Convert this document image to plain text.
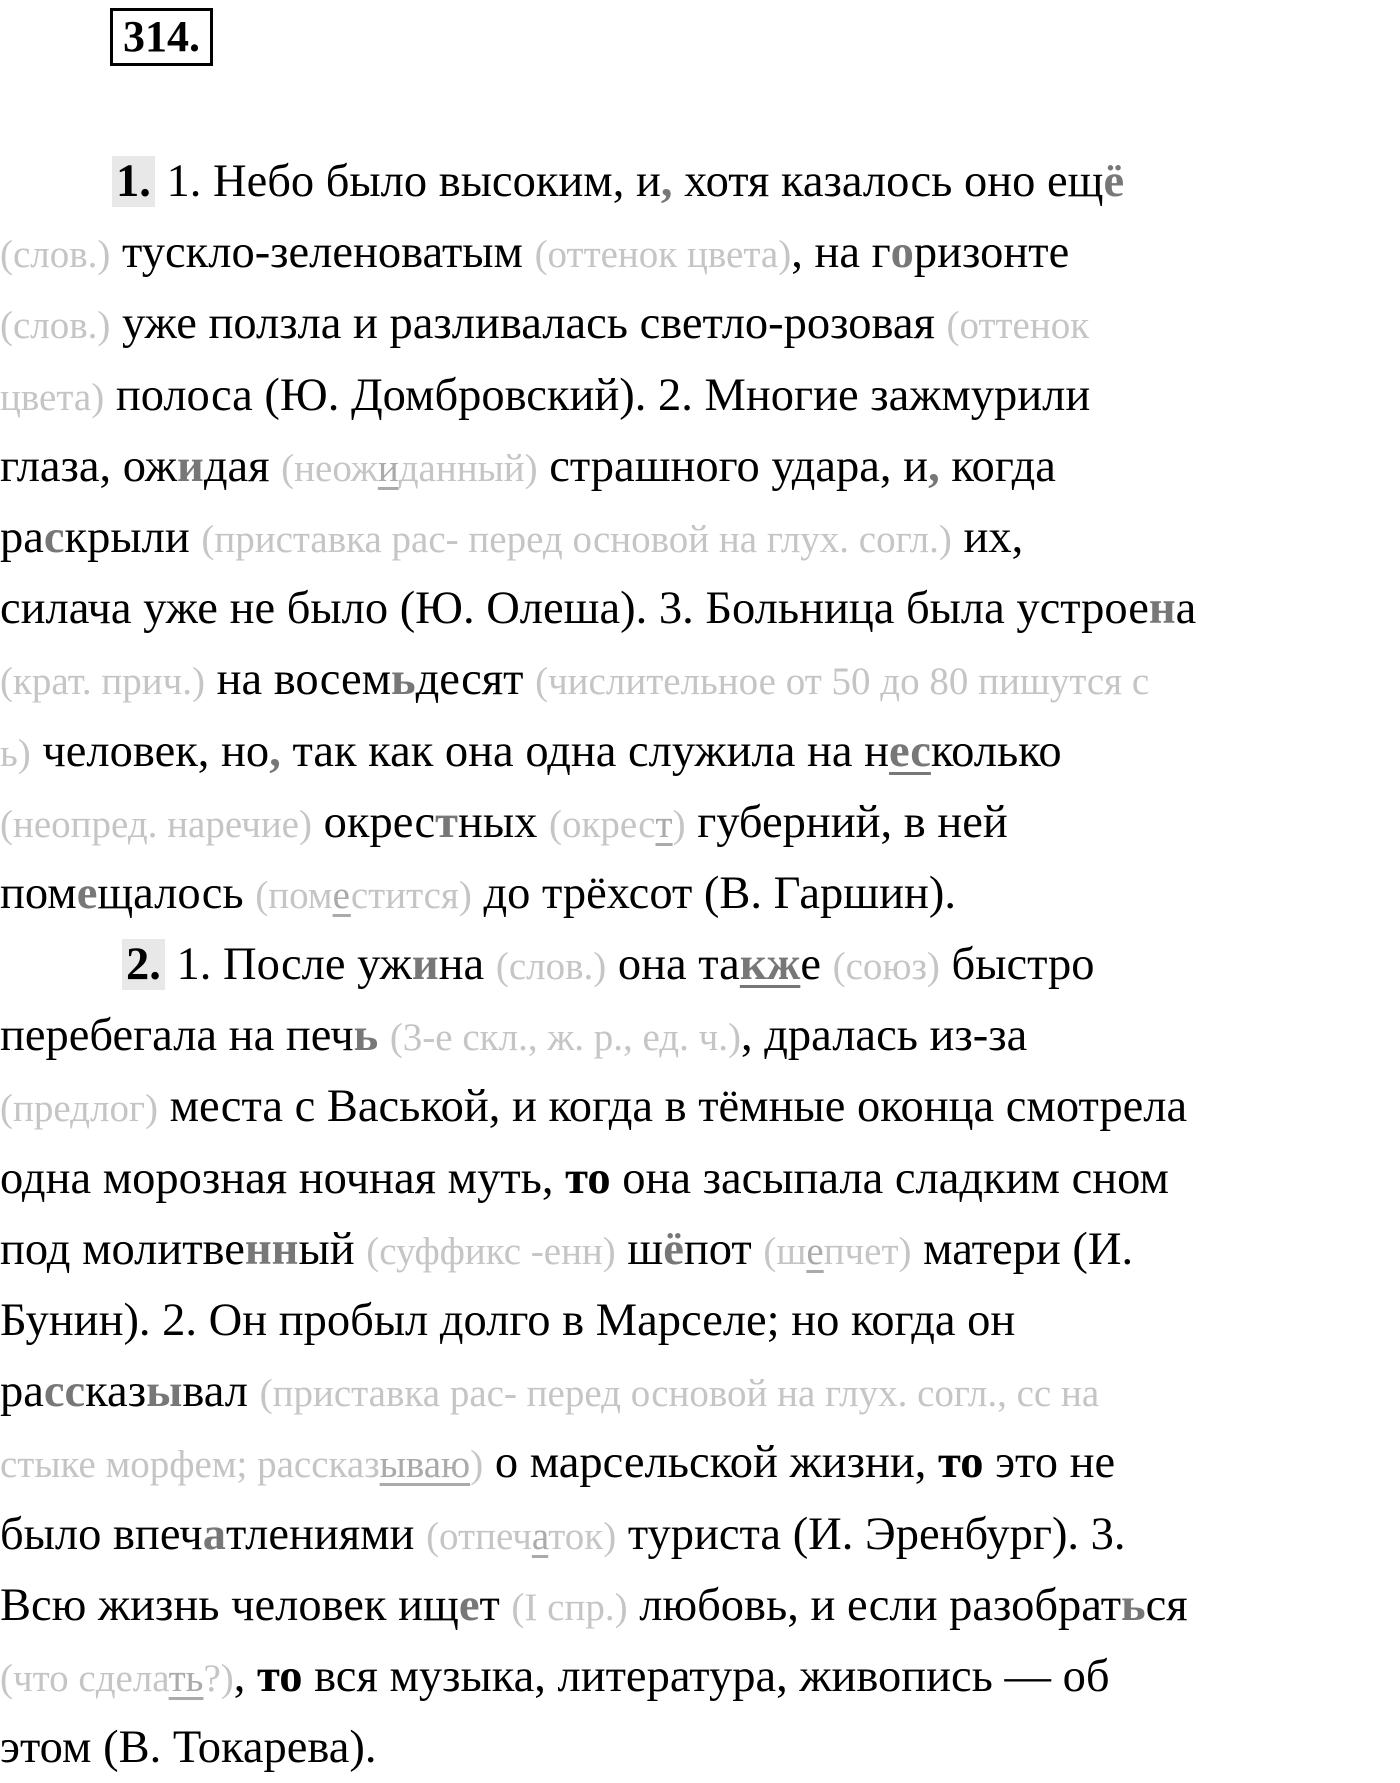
314.
1. 1. Небо было высоким, и, хотя казалось оно ещё
(слов.) тускло-зеленоватым (оттенок цвета), на горизонте
(слов.) уже ползла и разливалась светло-розовая (оттенок
цвета) полоса (Ю. Домбровский). 2. Многие зажмурили
глаза, ожидая (неожиданный) страшного удара, и, когда
раскрыли (приставка рас- перед основой на глух. согл.) их,
силача уже не было (Ю. Олеша). 3. Больница была устроена
(крат. прич.) на восемьдесят (числительное от 50 до 80 пишутся с
ь) человек, но, так как она одна служила на несколько
(неопред. наречие) окрестных (окрест) губерний, в ней
помещалось (поместится) до трёхсот (В. Гаршин).
2. 1. После ужина (слов.) она также (союз) быстро
перебегала на печь (3-е скл., ж. р., ед. ч.), дралась из-за
(предлог) места с Васькой, и когда в тёмные оконца смотрела
одна морозная ночная муть, то она засыпала сладким сном
под молитвенный (суффикс -енн) шёпот (шепчет) матери (И.
Бунин). 2. Он пробыл долго в Марселе; но когда он
рассказывал (приставка рас- перед основой на глух. согл., сс на
стыке морфем; рассказываю) о марсельской жизни, то это не
было впечатлениями (отпечаток) туриста (И. Эренбург). 3.
Всю жизнь человек ищет (I спр.) любовь, и если разобраться
(что сделать?), то вся музыка, литература, живопись — об
этом (В. Токарева).
